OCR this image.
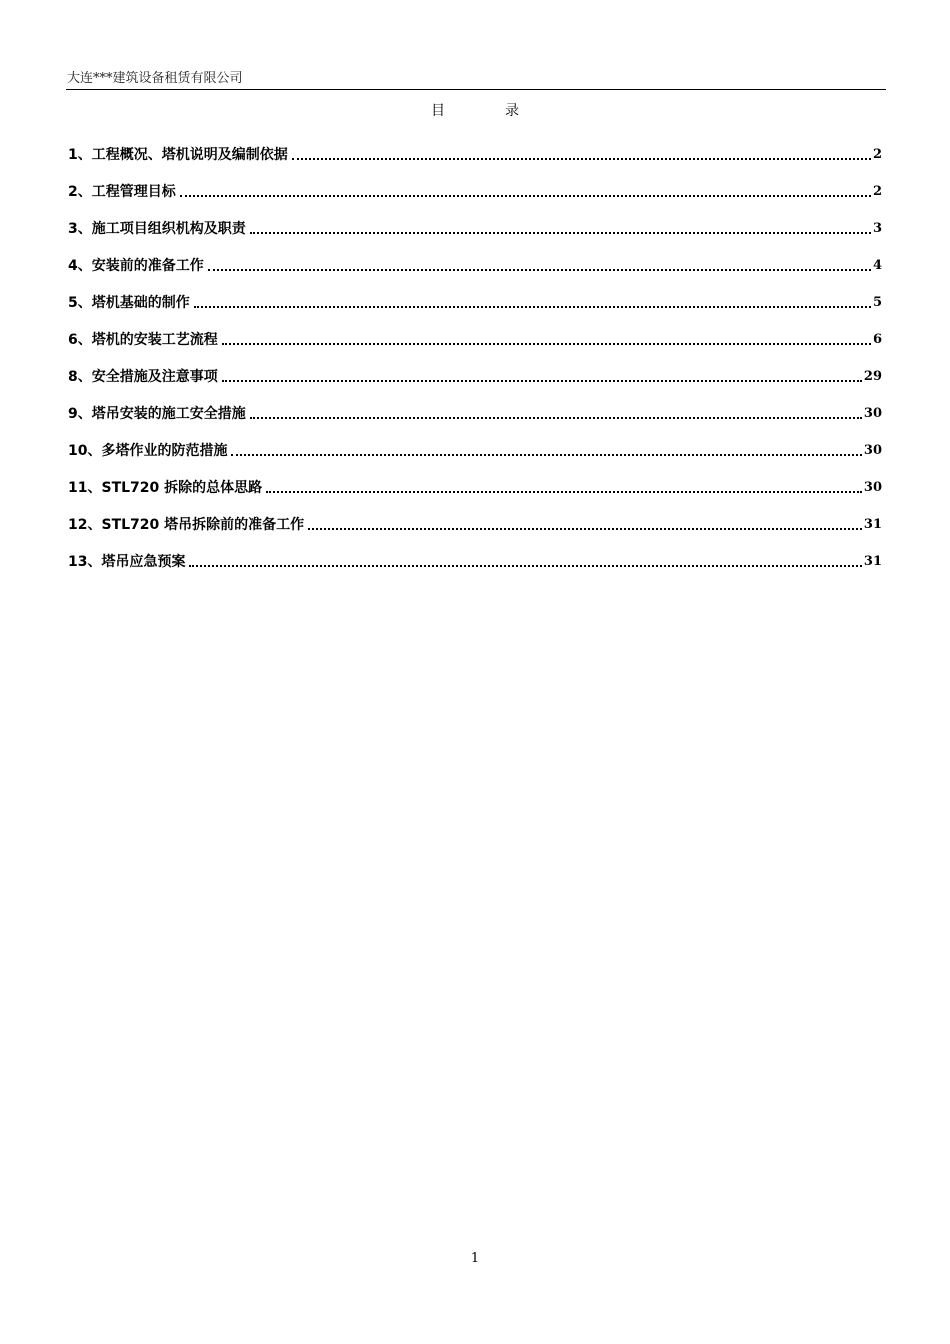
大连***建筑设备租赁有限公司
目录
1、工程概况、塔机说明及编制依据	2
2、工程管理目标	2
3、施工项目组织机构及职责	3
4、安装前的准备工作	4
5、塔机基础的制作	5
6、塔机的安装工艺流程	6
8、安全措施及注意事项	29
9、塔吊安装的施工安全措施	30
10、多塔作业的防范措施	30
11、STL720 拆除的总体思路	30
12、STL720 塔吊拆除前的准备工作	31
13、塔吊应急预案	31
1
